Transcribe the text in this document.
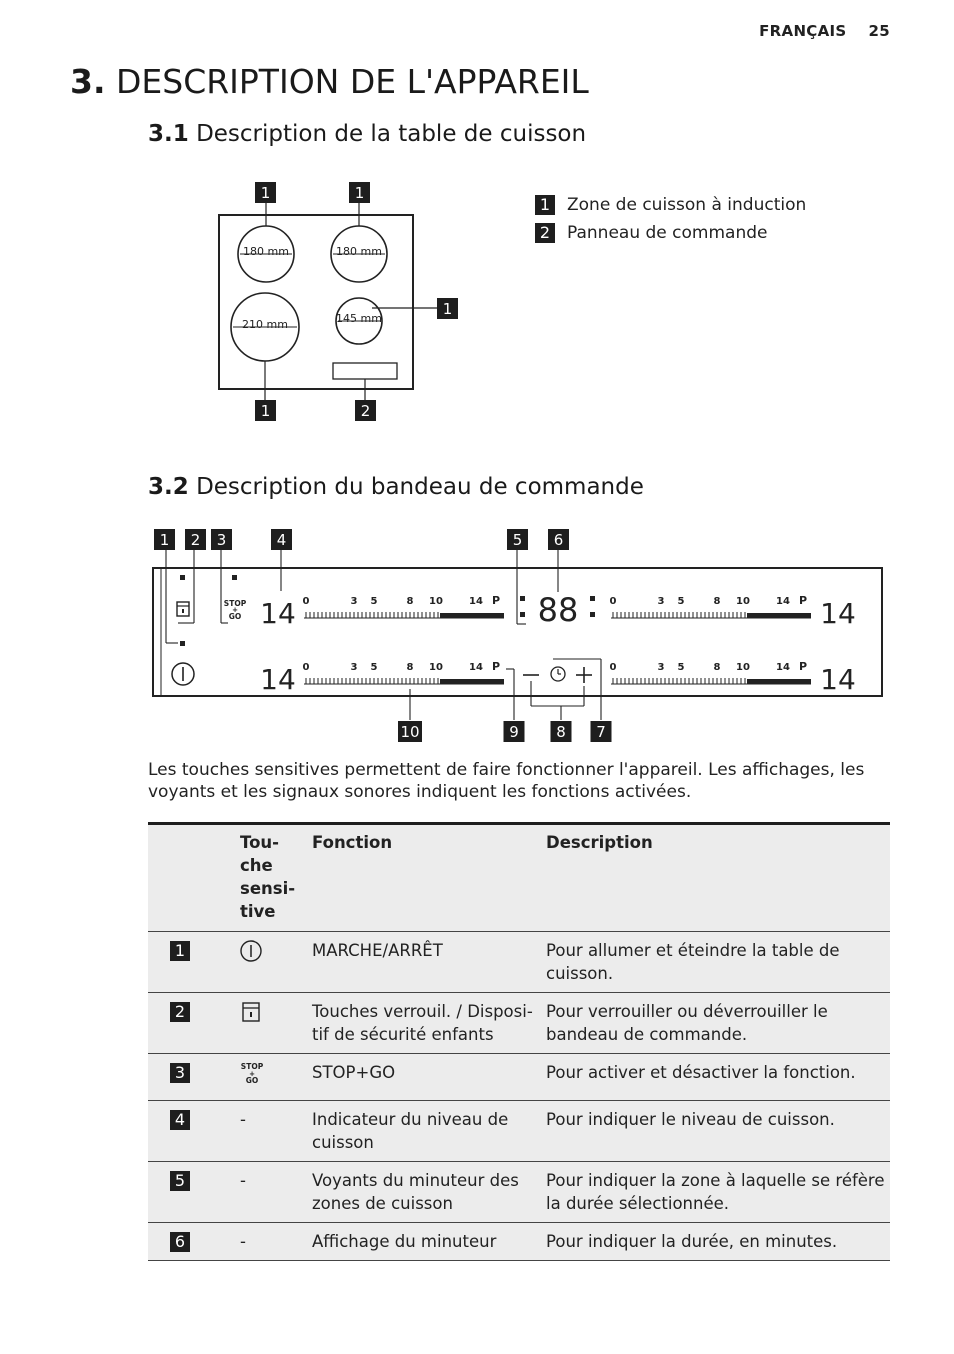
FRANÇAIS 25
3. DESCRIPTION DE L'APPAREIL
3.1 Description de la table de cuisson
180 mm	180 mm
210 mm	145 mm
1	1
1
1	2
1 Zone de cuisson à induction
2 Panneau de commande
3.2 Description du bandeau de commande
STOP
+
GO	88
14 0	3 5	8 10	14 P
14 0	3 5	8 10	14 P
14
0	3 5	8 10	14 P
14
0	3 5	8 10	14 P
1 2 3	4	5 6
10	9 8 7
Les touches sensitives permettent de faire fonctionner l'appareil. Les affichages, les voyants et les signaux sonores indiquent les fonctions activées.
	Tou-
che
sensi-
tive	Fonction	Description
1		MARCHE/ARRÊT	Pour allumer et éteindre la table de cuisson.
2		Touches verrouil. / Disposi-tif de sécurité enfants	Pour verrouiller ou déverrouiller le bandeau de commande.
3	STOP
+
GO	STOP+GO	Pour activer et désactiver la fonction.
4	-	Indicateur du niveau de cuisson	Pour indiquer le niveau de cuisson.
5	-	Voyants du minuteur des zones de cuisson	Pour indiquer la zone à laquelle se réfère la durée sélectionnée.
6	-	Affichage du minuteur	Pour indiquer la durée, en minutes.
